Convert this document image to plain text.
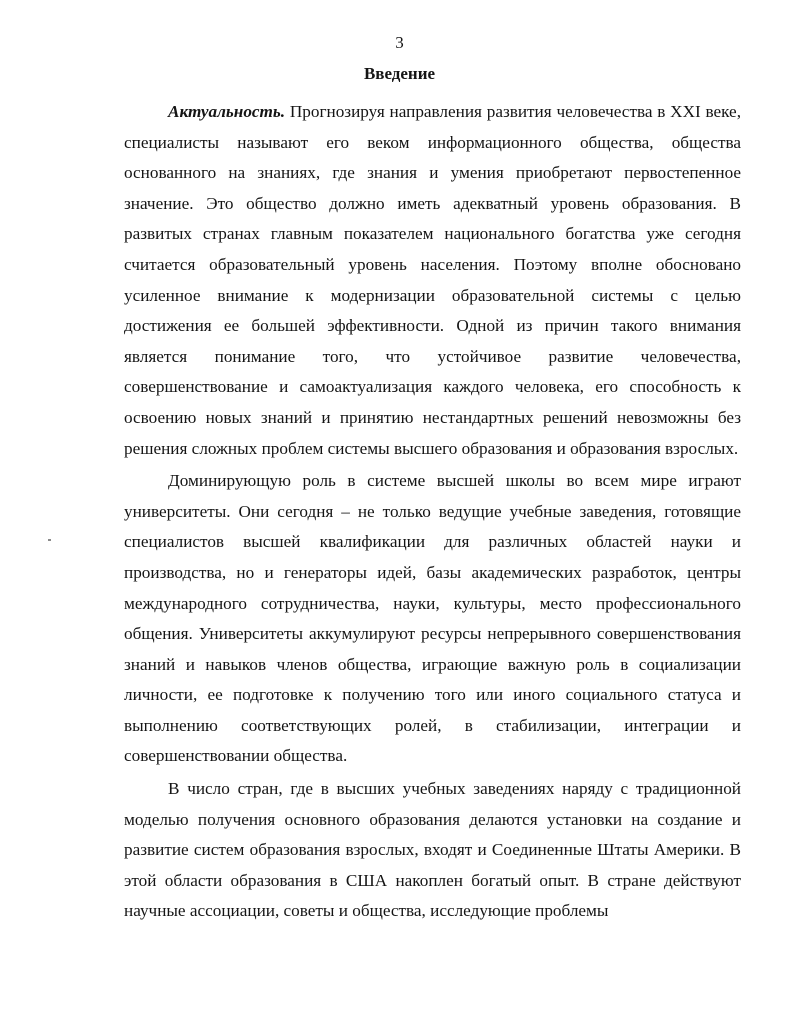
3
Введение

Актуальность. Прогнозируя направления развития человечества в XXI веке, специалисты называют его веком информационного общества, общества основанного на знаниях, где знания и умения приобретают первостепенное значение. Это общество должно иметь адекватный уровень образования. В развитых странах главным показателем национального богатства уже сегодня считается образовательный уровень населения. Поэтому вполне обосновано усиленное внимание к модернизации образовательной системы с целью достижения ее большей эффективности. Одной из причин такого внимания является понимание того, что устойчивое развитие человечества, совершенствование и самоактуализация каждого человека, его способность к освоению новых знаний и принятию нестандартных решений невозможны без решения сложных проблем системы высшего образования и образования взрослых.

Доминирующую роль в системе высшей школы во всем мире играют университеты. Они сегодня – не только ведущие учебные заведения, готовящие специалистов высшей квалификации для различных областей науки и производства, но и генераторы идей, базы академических разработок, центры международного сотрудничества, науки, культуры, место профессионального общения. Университеты аккумулируют ресурсы непрерывного совершенствования знаний и навыков членов общества, играющие важную роль в социализации личности, ее подготовке к получению того или иного социального статуса и выполнению соответствующих ролей, в стабилизации, интеграции и совершенствовании общества.

В число стран, где в высших учебных заведениях наряду с традиционной моделью получения основного образования делаются установки на создание и развитие систем образования взрослых, входят и Соединенные Штаты Америки. В этой области образования в США накоплен богатый опыт. В стране действуют научные ассоциации, советы и общества, исследующие проблемы
